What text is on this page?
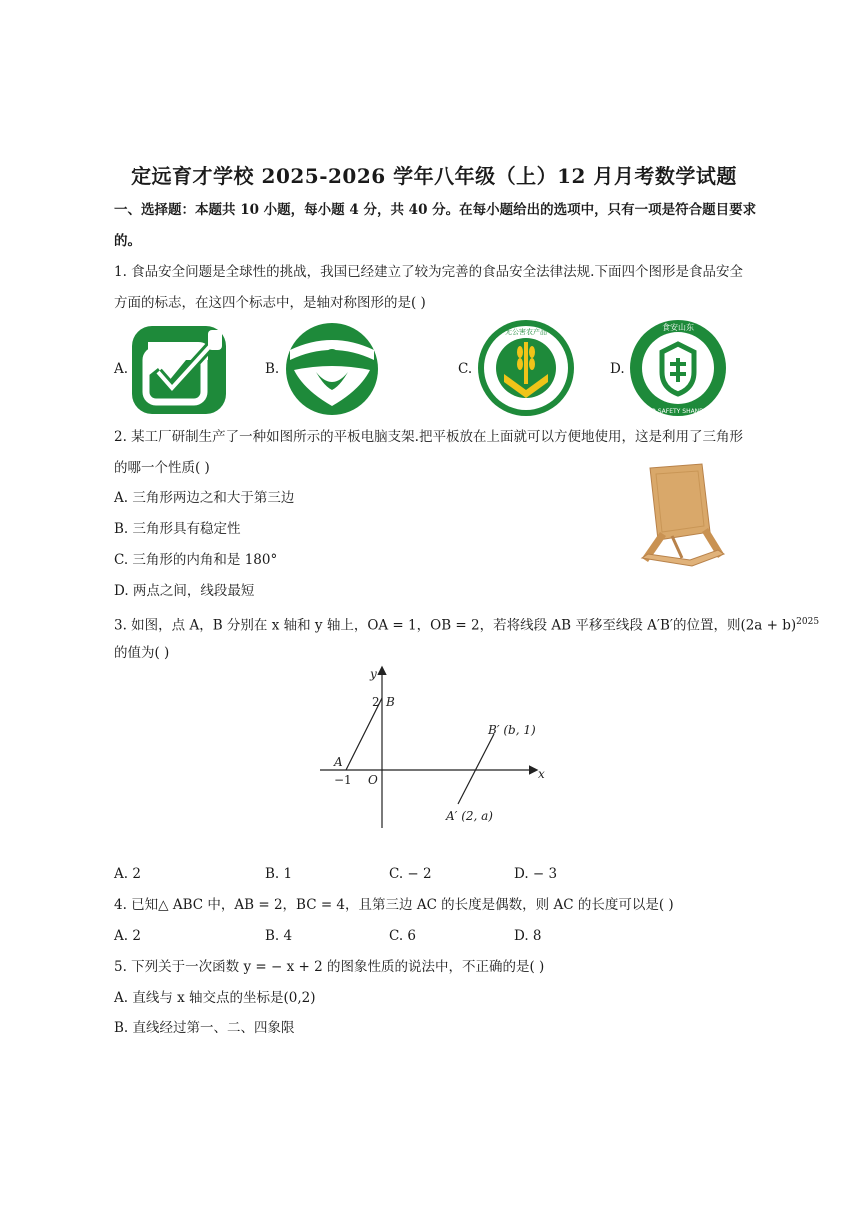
定远育才学校 2025-2026 学年八年级（上）12 月月考数学试题
一、选择题：本题共 10 小题，每小题 4 分，共 40 分。在每小题给出的选项中，只有一项是符合题目要求
的。
1. 食品安全问题是全球性的挑战，我国已经建立了较为完善的食品安全法律法规.下面四个图形是食品安全
方面的标志，在这四个标志中，是轴对称图形的是( )
A.	B.	C.
无公害农产品
D.
食安山东
FOOD SAFETY SHANDONG
2. 某工厂研制生产了一种如图所示的平板电脑支架.把平板放在上面就可以方便地使用，这是利用了三角形
的哪一个性质( )
A. 三角形两边之和大于第三边
B. 三角形具有稳定性
C. 三角形的内角和是 180°
D. 两点之间，线段最短
3. 如图，点 A，B 分别在 x 轴和 y 轴上，OA = 1，OB = 2，若将线段 AB 平移至线段 A′B′的位置，则$(2a + b)^{2025}$
的值为( )
y
x
O
2 B
−1
A
B′ (b, 1)
A′ (2, a)
A. 2	B. 1	C. − 2	D. − 3
4. 已知△ ABC 中，AB = 2，BC = 4，且第三边 AC 的长度是偶数，则 AC 的长度可以是( )
A. 2	B. 4	C. 6	D. 8
5. 下列关于一次函数 y = − x + 2 的图象性质的说法中，不正确的是( )
A. 直线与 x 轴交点的坐标是(0,2)
B. 直线经过第一、二、四象限
